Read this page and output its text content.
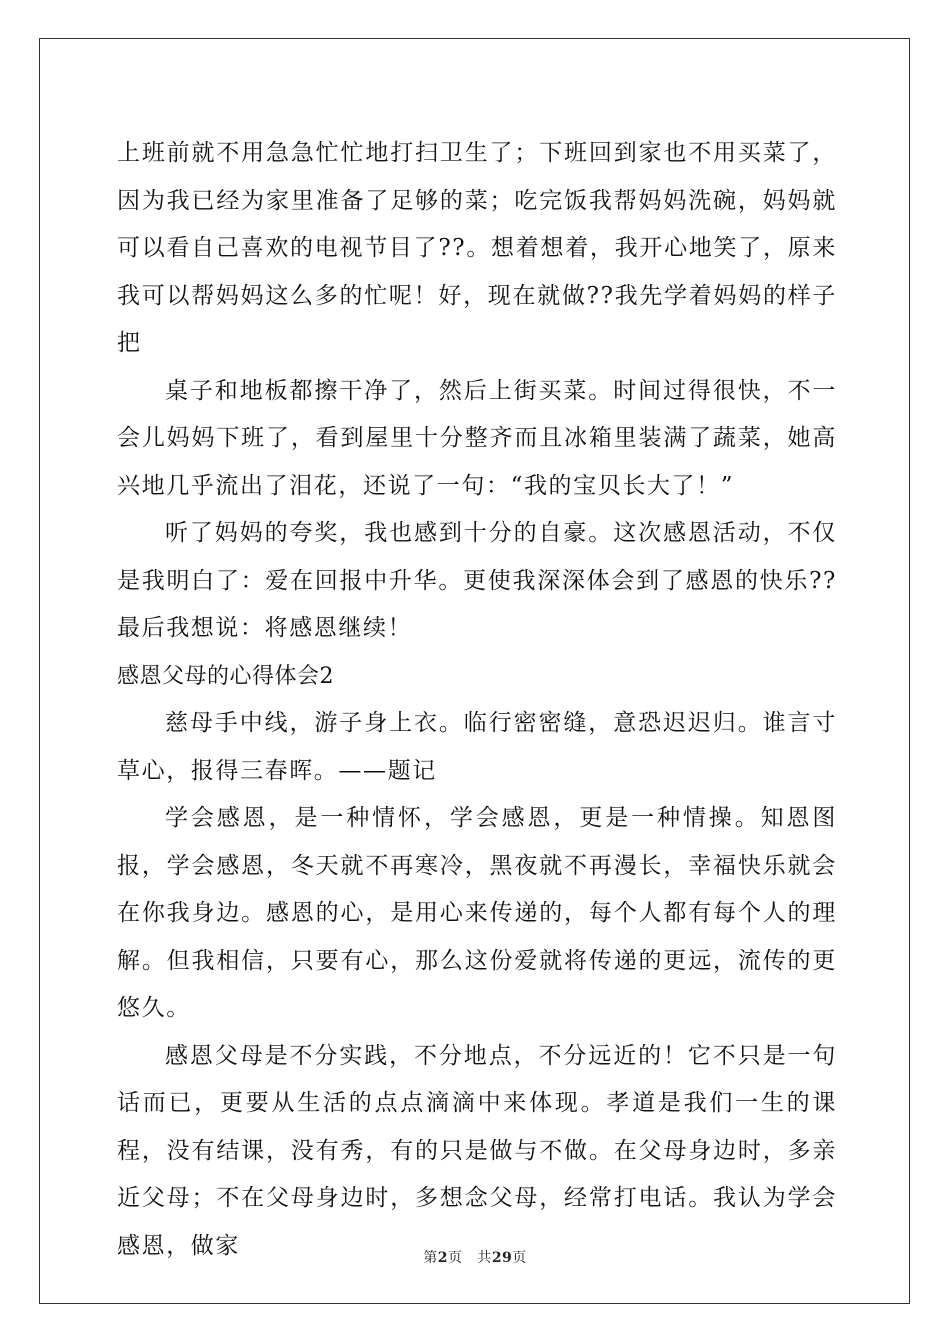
上班前就不用急急忙忙地打扫卫生了；下班回到家也不用买菜了，因为我已经为家里准备了足够的菜；吃完饭我帮妈妈洗碗，妈妈就可以看自己喜欢的电视节目了??。想着想着，我开心地笑了，原来我可以帮妈妈这么多的忙呢！好，现在就做??我先学着妈妈的样子把

桌子和地板都擦干净了，然后上街买菜。时间过得很快，不一会儿妈妈下班了，看到屋里十分整齐而且冰箱里装满了蔬菜，她高兴地几乎流出了泪花，还说了一句：“我的宝贝长大了！”

听了妈妈的夸奖，我也感到十分的自豪。这次感恩活动，不仅是我明白了：爱在回报中升华。更使我深深体会到了感恩的快乐??最后我想说：将感恩继续！

感恩父母的心得体会2

慈母手中线，游子身上衣。临行密密缝，意恐迟迟归。谁言寸草心，报得三春晖。——题记

学会感恩，是一种情怀，学会感恩，更是一种情操。知恩图报，学会感恩，冬天就不再寒冷，黑夜就不再漫长，幸福快乐就会在你我身边。感恩的心，是用心来传递的，每个人都有每个人的理解。但我相信，只要有心，那么这份爱就将传递的更远，流传的更悠久。

感恩父母是不分实践，不分地点，不分远近的！它不只是一句话而已，更要从生活的点点滴滴中来体现。孝道是我们一生的课程，没有结课，没有秀，有的只是做与不做。在父母身边时，多亲近父母；不在父母身边时，多想念父母，经常打电话。我认为学会感恩，做家	第2页   共29页
